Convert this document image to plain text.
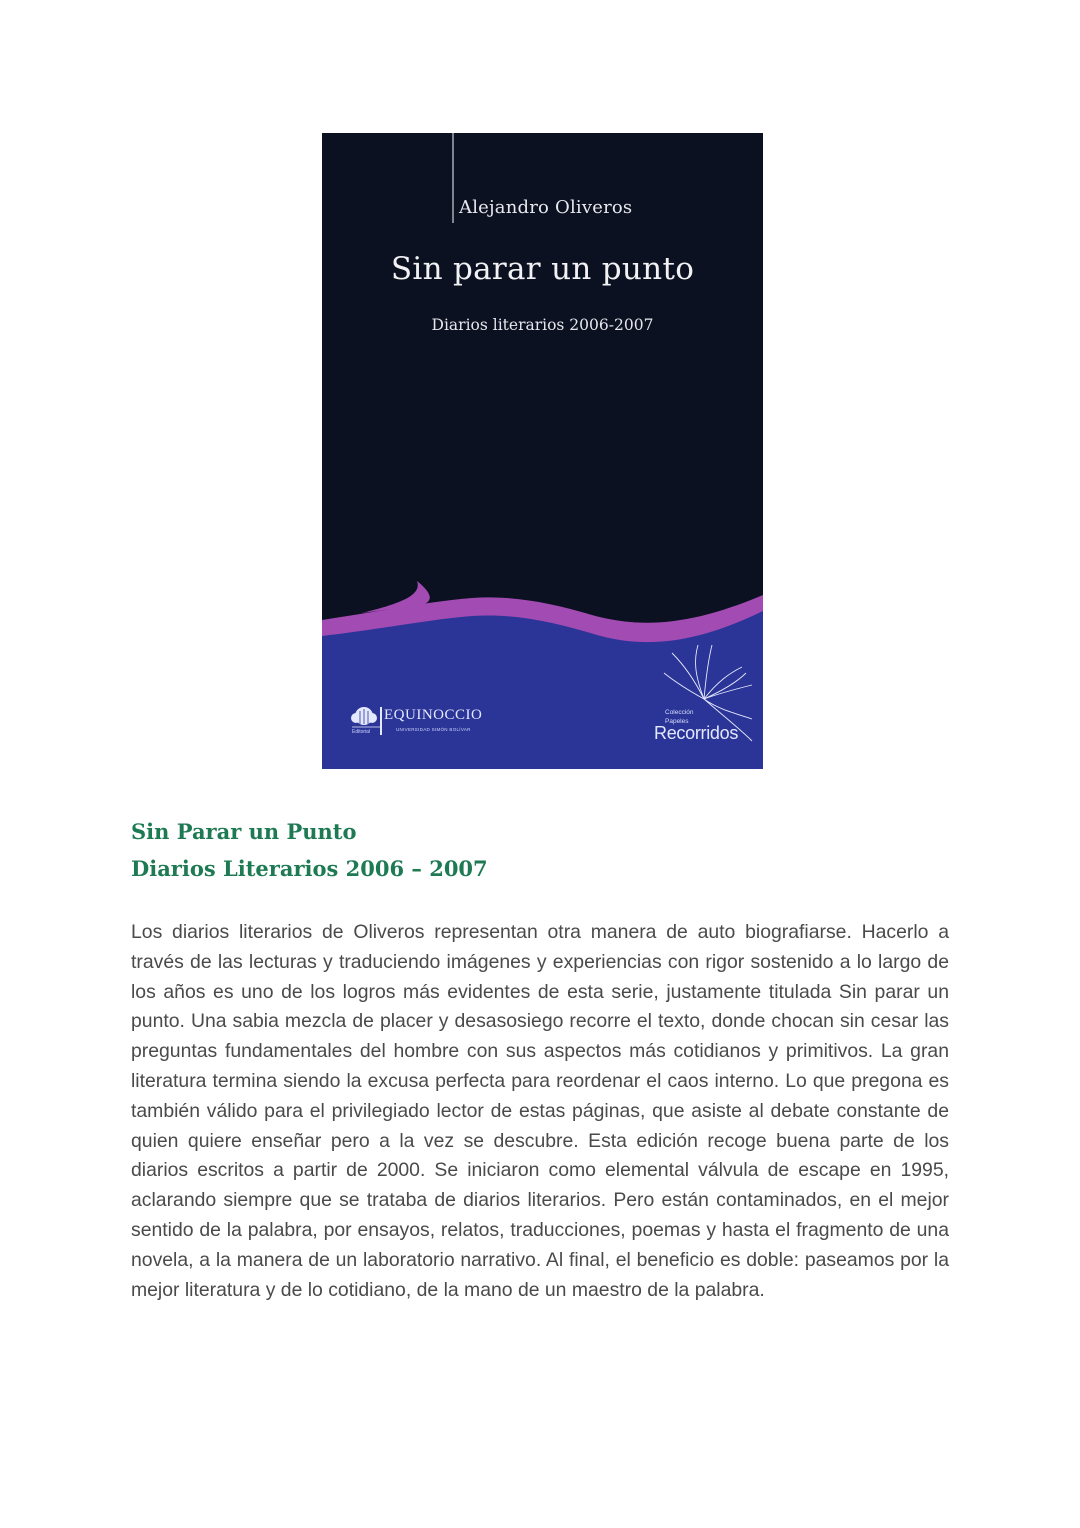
Alejandro Oliveros
Sin parar un punto
Diarios literarios 2006-2007
Editorial
EQUINOCCIO
UNIVERSIDAD SIMÓN BOLÍVAR
Colección
Papeles
Recorridos
Sin Parar un Punto
Diarios Literarios 2006 – 2007

Los diarios literarios de Oliveros representan otra manera de auto biografiarse. Hacerlo a través de las lecturas y traduciendo imágenes y experiencias con rigor sostenido a lo largo de los años es uno de los logros más evidentes de esta serie, justamente titulada Sin parar un punto. Una sabia mezcla de placer y desasosiego recorre el texto, donde chocan sin cesar las preguntas fundamentales del hombre con sus aspectos más cotidianos y primitivos. La gran literatura termina siendo la excusa perfecta para reordenar el caos interno. Lo que pregona es también válido para el privilegiado lector de estas páginas, que asiste al debate constante de quien quiere enseñar pero a la vez se descubre. Esta edición recoge buena parte de los diarios escritos a partir de 2000. Se iniciaron como elemental válvula de escape en 1995, aclarando siempre que se trataba de diarios literarios. Pero están contaminados, en el mejor sentido de la palabra, por ensayos, relatos, traducciones, poemas y hasta el fragmento de una novela, a la manera de un laboratorio narrativo. Al final, el beneficio es doble: paseamos por la mejor literatura y de lo cotidiano, de la mano de un maestro de la palabra.
